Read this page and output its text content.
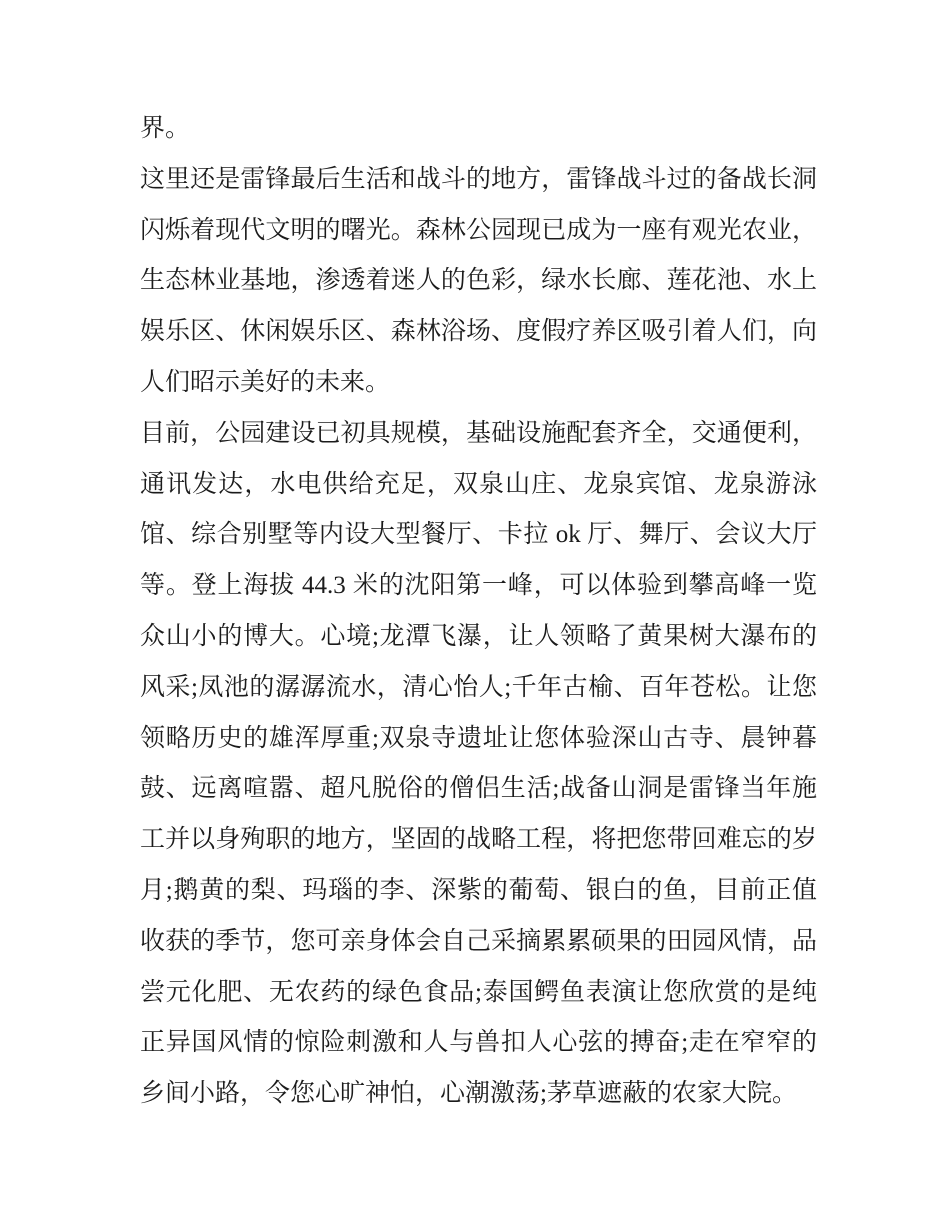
界。
这里还是雷锋最后生活和战斗的地方，雷锋战斗过的备战长洞
闪烁着现代文明的曙光。森林公园现已成为一座有观光农业，
生态林业基地，渗透着迷人的色彩，绿水长廊、莲花池、水上
娱乐区、休闲娱乐区、森林浴场、度假疗养区吸引着人们，向
人们昭示美好的未来。
目前，公园建设已初具规模，基础设施配套齐全，交通便利，
通讯发达，水电供给充足，双泉山庄、龙泉宾馆、龙泉游泳
馆、综合别墅等内设大型餐厅、卡拉 ok 厅、舞厅、会议大厅
等。登上海拔 44.3 米的沈阳第一峰，可以体验到攀高峰一览
众山小的博大。心境;龙潭飞瀑，让人领略了黄果树大瀑布的
风采;凤池的潺潺流水，清心怡人;千年古榆、百年苍松。让您
领略历史的雄浑厚重;双泉寺遗址让您体验深山古寺、晨钟暮
鼓、远离喧嚣、超凡脱俗的僧侣生活;战备山洞是雷锋当年施
工并以身殉职的地方，坚固的战略工程，将把您带回难忘的岁
月;鹅黄的梨、玛瑙的李、深紫的葡萄、银白的鱼，目前正值
收获的季节，您可亲身体会自己采摘累累硕果的田园风情，品
尝元化肥、无农药的绿色食品;泰国鳄鱼表演让您欣赏的是纯
正异国风情的惊险刺激和人与兽扣人心弦的搏奋;走在窄窄的
乡间小路，令您心旷神怕，心潮激荡;茅草遮蔽的农家大院。
